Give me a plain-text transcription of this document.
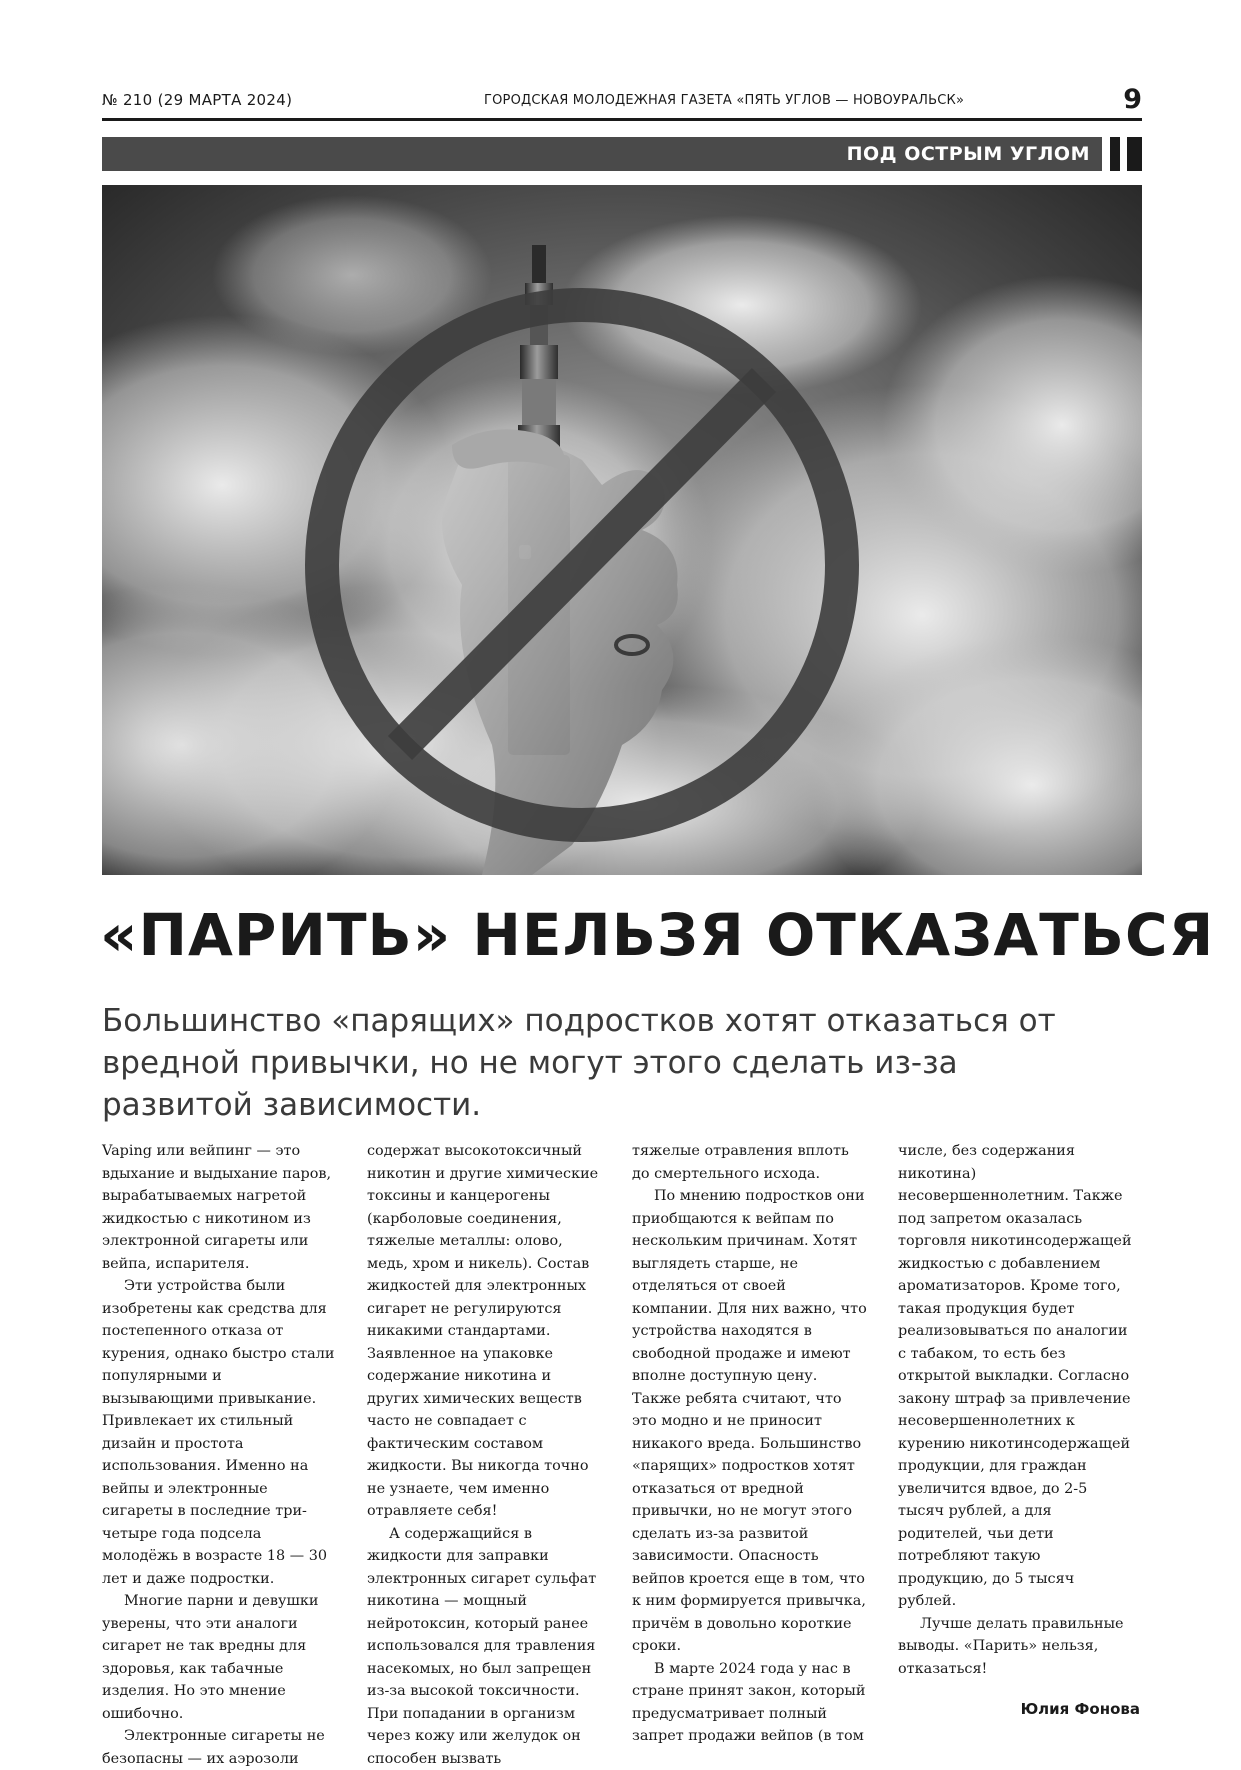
№ 210 (29 МАРТА 2024)	ГОРОДСКАЯ МОЛОДЕЖНАЯ ГАЗЕТА «ПЯТЬ УГЛОВ — НОВОУРАЛЬСК»	9
ПОД ОСТРЫМ УГЛОМ
«ПАРИТЬ» НЕЛЬЗЯ ОТКАЗАТЬСЯ
Большинство «парящих» подростков хотят отказаться от вредной привычки, но не могут этого сделать из-за развитой зависимости.

Vaping или вейпинг — это вдыхание и выдыхание паров, вырабатываемых нагретой жидкостью с никотином из электронной сигареты или вейпа, испарителя.

Эти устройства были изобретены как средства для постепенного отказа от курения, однако быстро стали популярными и вызывающими привыкание. Привлекает их стильный дизайн и простота использования. Именно на вейпы и электронные сигареты в последние три-четыре года подсела молодёжь в возрасте 18 — 30 лет и даже подростки.

Многие парни и девушки уверены, что эти аналоги сигарет не так вредны для здоровья, как табачные изделия. Но это мнение ошибочно.

Электронные сигареты не безопасны — их аэрозоли

содержат высокотоксичный никотин и другие химические токсины и канцерогены (карболовые соединения, тяжелые металлы: олово, медь, хром и никель). Состав жидкостей для электронных сигарет не регулируются никакими стандартами. Заявленное на упаковке содержание никотина и других химических веществ часто не совпадает с фактическим составом жидкости. Вы никогда точно не узнаете, чем именно отравляете себя!

А содержащийся в жидкости для заправки электронных сигарет сульфат никотина — мощный нейротоксин, который ранее использовался для травления насекомых, но был запрещен из-за высокой токсичности. При попадании в организм через кожу или желудок он способен вызвать

тяжелые отравления вплоть до смертельного исхода.

По мнению подростков они приобщаются к вейпам по нескольким причинам. Хотят выглядеть старше, не отделяться от своей компании. Для них важно, что устройства находятся в свободной продаже и имеют вполне доступную цену. Также ребята считают, что это модно и не приносит никакого вреда. Большинство «парящих» подростков хотят отказаться от вредной привычки, но не могут этого сделать из-за развитой зависимости. Опасность вейпов кроется еще в том, что к ним формируется привычка, причём в довольно короткие сроки.

В марте 2024 года у нас в стране принят закон, который предусматривает полный запрет продажи вейпов (в том

числе, без содержания никотина) несовершеннолетним. Также под запретом оказалась торговля никотинсодержащей жидкостью с добавлением ароматизаторов. Кроме того, такая продукция будет реализовываться по аналогии с табаком, то есть без открытой выкладки. Согласно закону штраф за привлечение несовершеннолетних к курению никотинсодержащей продукции, для граждан увеличится вдвое, до 2-5 тысяч рублей, а для родителей, чьи дети потребляют такую продукцию, до 5 тысяч рублей.

Лучше делать правильные выводы. «Парить» нельзя, отказаться!

Юлия Фонова
